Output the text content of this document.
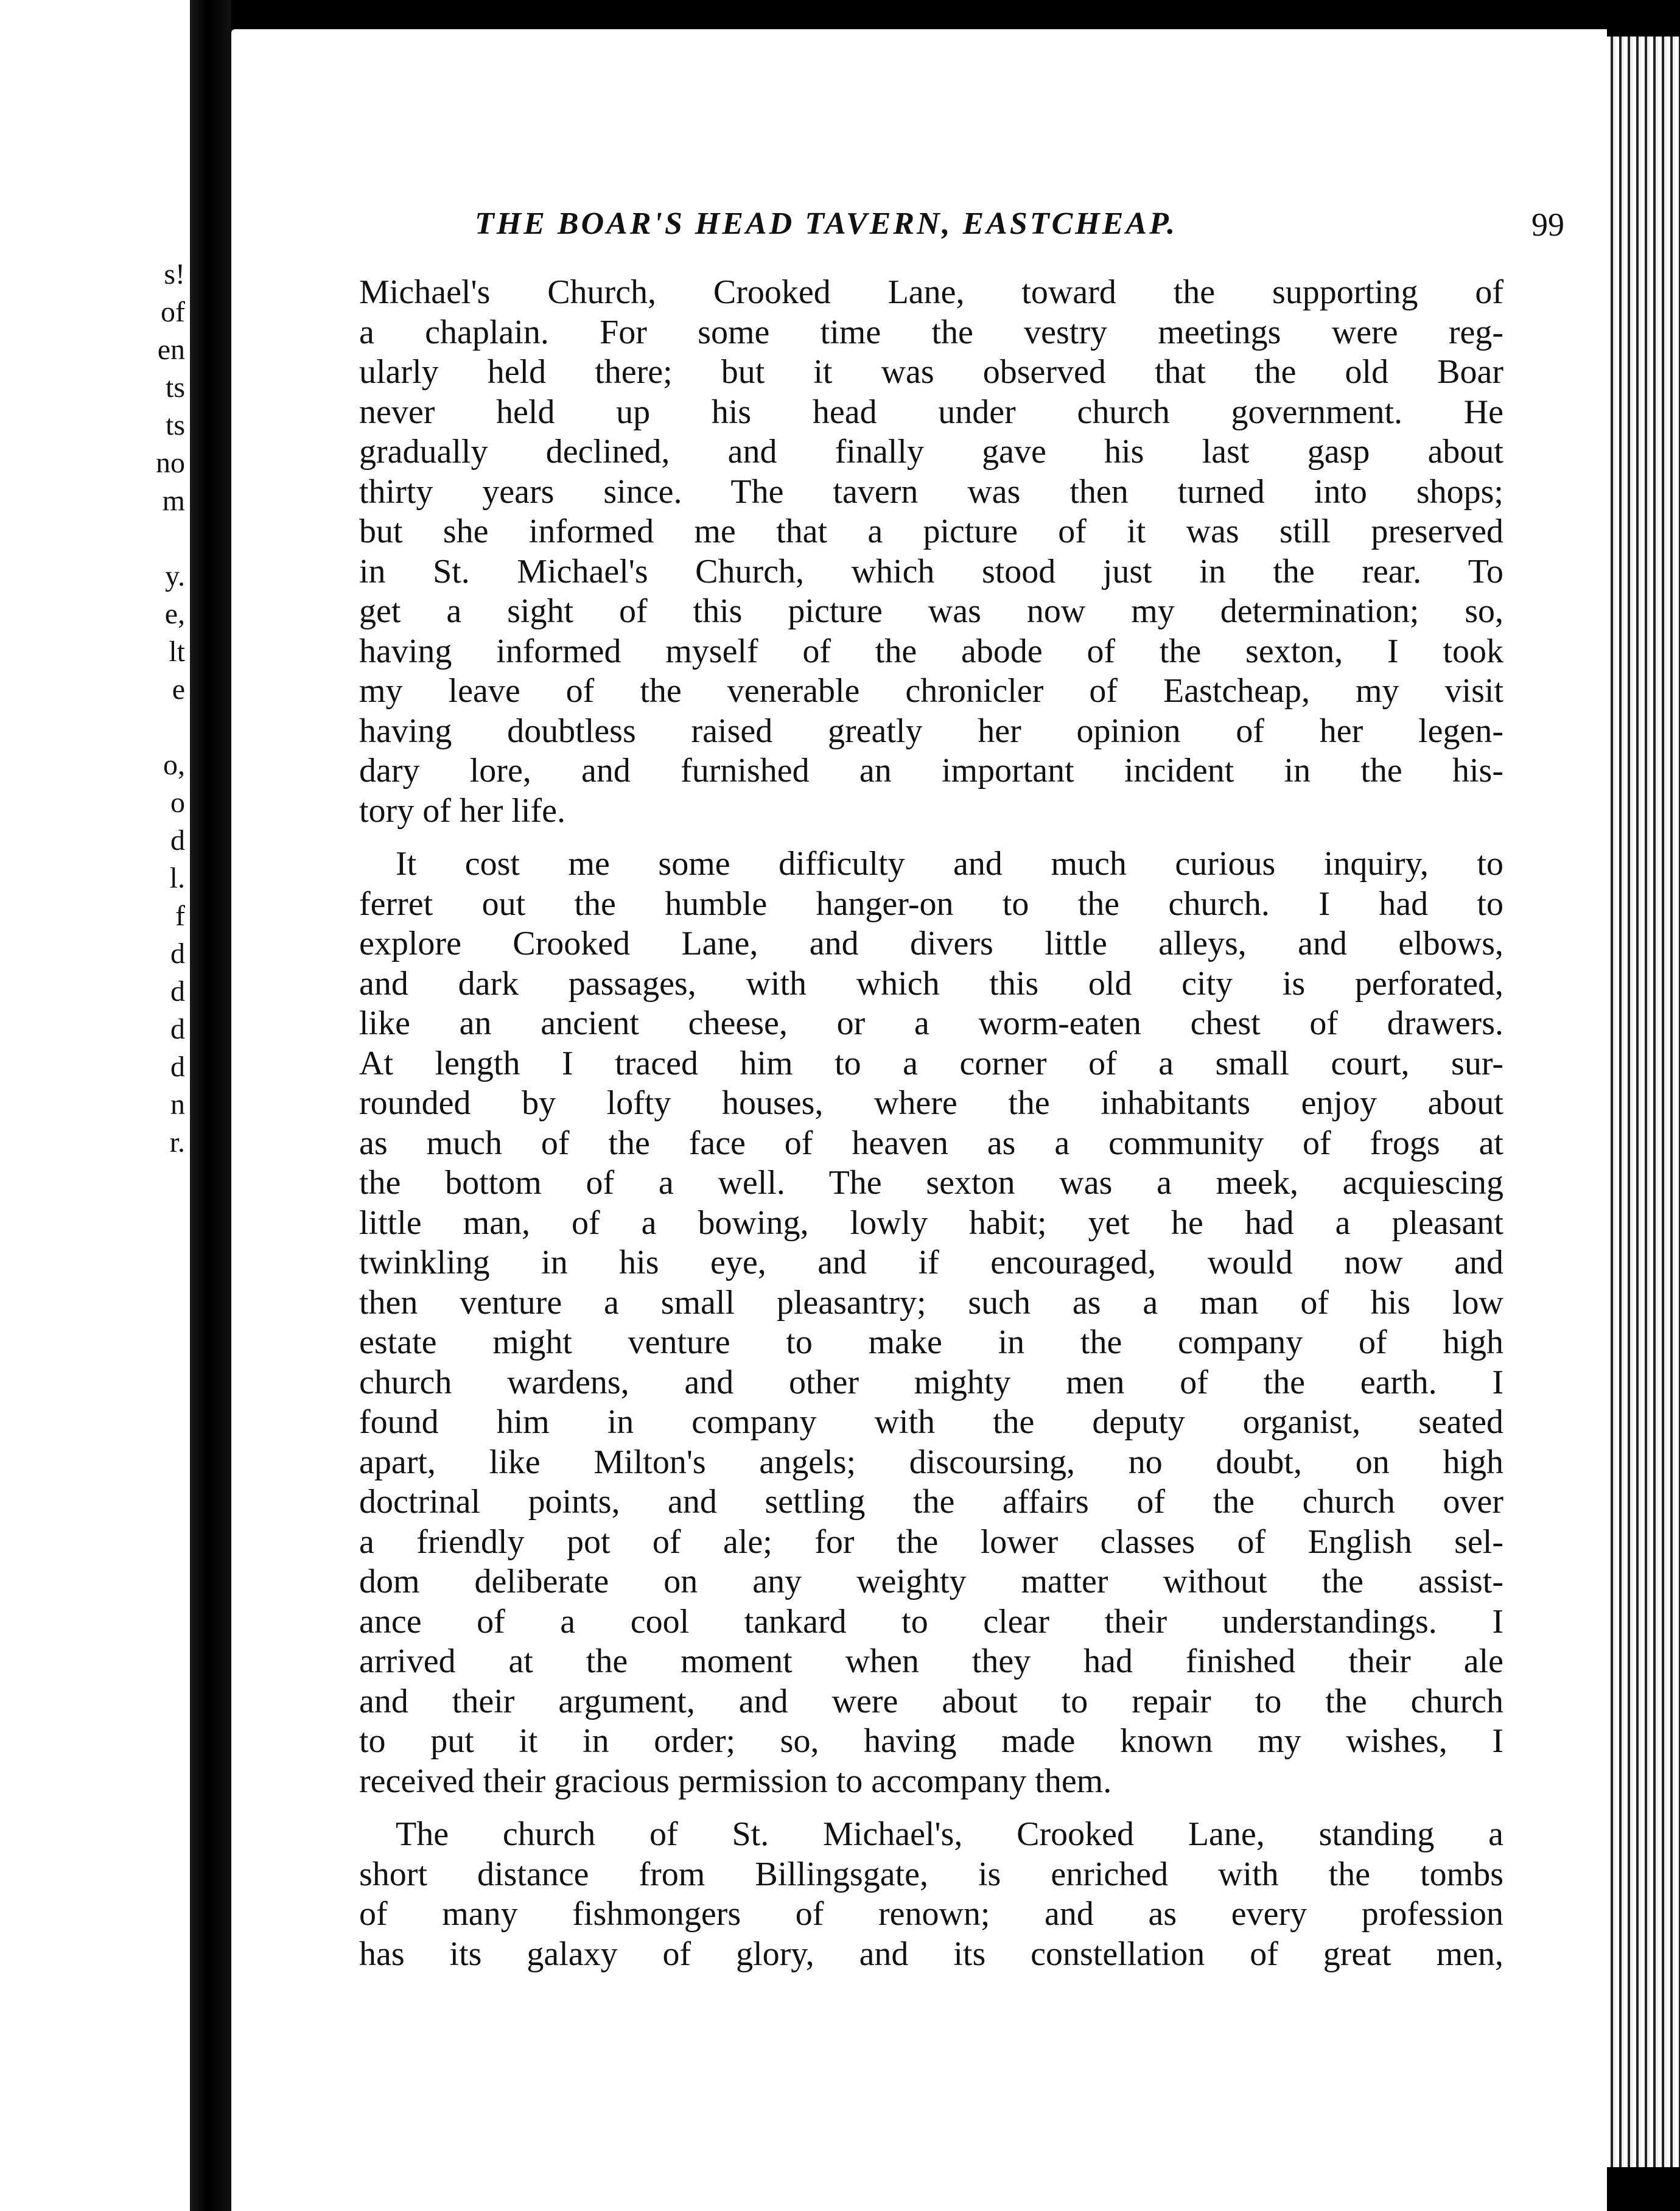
s!
of
en
ts
ts
no
m
y.
e,
lt
e
o,
o
d
l.
f
d
d
d
d
n
r.
THE BOAR'S HEAD TAVERN, EASTCHEAP.	99

Michael's Church, Crooked Lane, toward the supporting of
a chaplain. For some time the vestry meetings were reg-
ularly held there; but it was observed that the old Boar
never held up his head under church government. He
gradually declined, and finally gave his last gasp about
thirty years since. The tavern was then turned into shops;
but she informed me that a picture of it was still preserved
in St. Michael's Church, which stood just in the rear. To
get a sight of this picture was now my determination; so,
having informed myself of the abode of the sexton, I took
my leave of the venerable chronicler of Eastcheap, my visit
having doubtless raised greatly her opinion of her legen-
dary lore, and furnished an important incident in the his-
tory of her life.

It cost me some difficulty and much curious inquiry, to
ferret out the humble hanger-on to the church. I had to
explore Crooked Lane, and divers little alleys, and elbows,
and dark passages, with which this old city is perforated,
like an ancient cheese, or a worm-eaten chest of drawers.
At length I traced him to a corner of a small court, sur-
rounded by lofty houses, where the inhabitants enjoy about
as much of the face of heaven as a community of frogs at
the bottom of a well. The sexton was a meek, acquiescing
little man, of a bowing, lowly habit; yet he had a pleasant
twinkling in his eye, and if encouraged, would now and
then venture a small pleasantry; such as a man of his low
estate might venture to make in the company of high
church wardens, and other mighty men of the earth. I
found him in company with the deputy organist, seated
apart, like Milton's angels; discoursing, no doubt, on high
doctrinal points, and settling the affairs of the church over
a friendly pot of ale; for the lower classes of English sel-
dom deliberate on any weighty matter without the assist-
ance of a cool tankard to clear their understandings. I
arrived at the moment when they had finished their ale
and their argument, and were about to repair to the church
to put it in order; so, having made known my wishes, I
received their gracious permission to accompany them.

The church of St. Michael's, Crooked Lane, standing a
short distance from Billingsgate, is enriched with the tombs
of many fishmongers of renown; and as every profession
has its galaxy of glory, and its constellation of great men,
